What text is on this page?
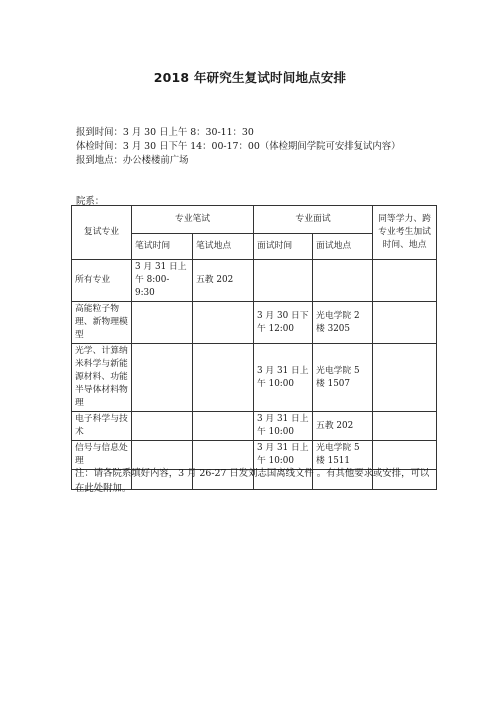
2018 年研究生复试时间地点安排
报到时间：3 月 30 日上午 8：30-11：30
体检时间：3 月 30 日下午 14：00-17：00（体检期间学院可安排复试内容）
报到地点：办公楼楼前广场
院系：
复试专业	专业笔试		专业面试		同等学力、跨专业考生加试时间、地点
	笔试时间	笔试地点	面试时间	面试地点	
所有专业	3 月 31 日上午 8:00-9:30	五教 202			
高能粒子物理、新物理模型			3 月 30 日下午 12:00	光电学院 2 楼 3205	
光学、计算纳米科学与新能源材料、功能半导体材料物理			3 月 31 日上午 10:00	光电学院 5 楼 1507	
电子科学与技术			3 月 31 日上午 10:00	五教 202	
信号与信息处理			3 月 31 日上午 10:00	光电学院 5 楼 1511	

注：请各院系填好内容，3 月 26-27 日发刘志国离线文件 。有其他要求或安排，可以在此处附加。
